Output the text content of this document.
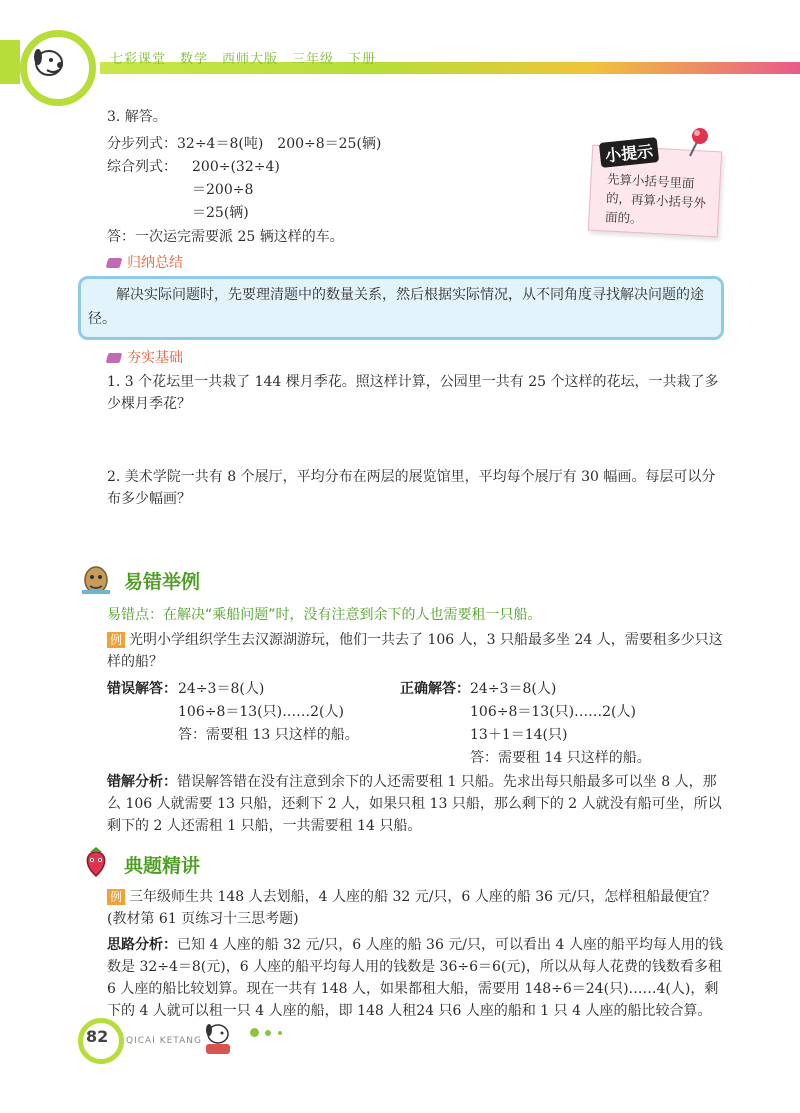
七彩课堂　数学　西师大版　三年级　下册
3. 解答。
分步列式：32÷4＝8(吨)　200÷8＝25(辆)
综合列式： 200÷(32÷4)
＝200÷8
＝25(辆)
答：一次运完需要派 25 辆这样的车。
小提示
先算小括号里面的，再算小括号外面的。
归纳总结
解决实际问题时，先要理清题中的数量关系，然后根据实际情况，从不同角度寻找解决问题的途径。
夯实基础
1. 3 个花坛里一共栽了 144 棵月季花。照这样计算，公园里一共有 25 个这样的花坛，一共栽了多少棵月季花？
2. 美术学院一共有 8 个展厅，平均分布在两层的展览馆里，平均每个展厅有 30 幅画。每层可以分布多少幅画？
易错举例
易错点：在解决“乘船问题”时，没有注意到余下的人也需要租一只船。
例 光明小学组织学生去汉源湖游玩，他们一共去了 106 人，3 只船最多坐 24 人，需要租多少只这样的船？
错误解答： 24÷3＝8(人)
106÷8＝13(只)……2(人)
答：需要租 13 只这样的船。
正确解答： 24÷3＝8(人)
106÷8＝13(只)……2(人)
13＋1＝14(只)
答：需要租 14 只这样的船。
错解分析：错误解答错在没有注意到余下的人还需要租 1 只船。先求出每只船最多可以坐 8 人，那么 106 人就需要 13 只船，还剩下 2 人，如果只租 13 只船，那么剩下的 2 人就没有船可坐，所以剩下的 2 人还需租 1 只船，一共需要租 14 只船。
典题精讲
例 三年级师生共 148 人去划船，4 人座的船 32 元/只，6 人座的船 36 元/只，怎样租船最便宜？(教材第 61 页练习十三思考题)
思路分析：已知 4 人座的船 32 元/只，6 人座的船 36 元/只，可以看出 4 人座的船平均每人用的钱数是 32÷4＝8(元)，6 人座的船平均每人用的钱数是 36÷6＝6(元)，所以从每人花费的钱数看多租 6 人座的船比较划算。现在一共有 148 人，如果都租大船，需要用 148÷6＝24(只)……4(人)，剩下的 4 人就可以租一只 4 人座的船，即 148 人租24 只6 人座的船和 1 只 4 人座的船比较合算。
82 QICAI KETANG
